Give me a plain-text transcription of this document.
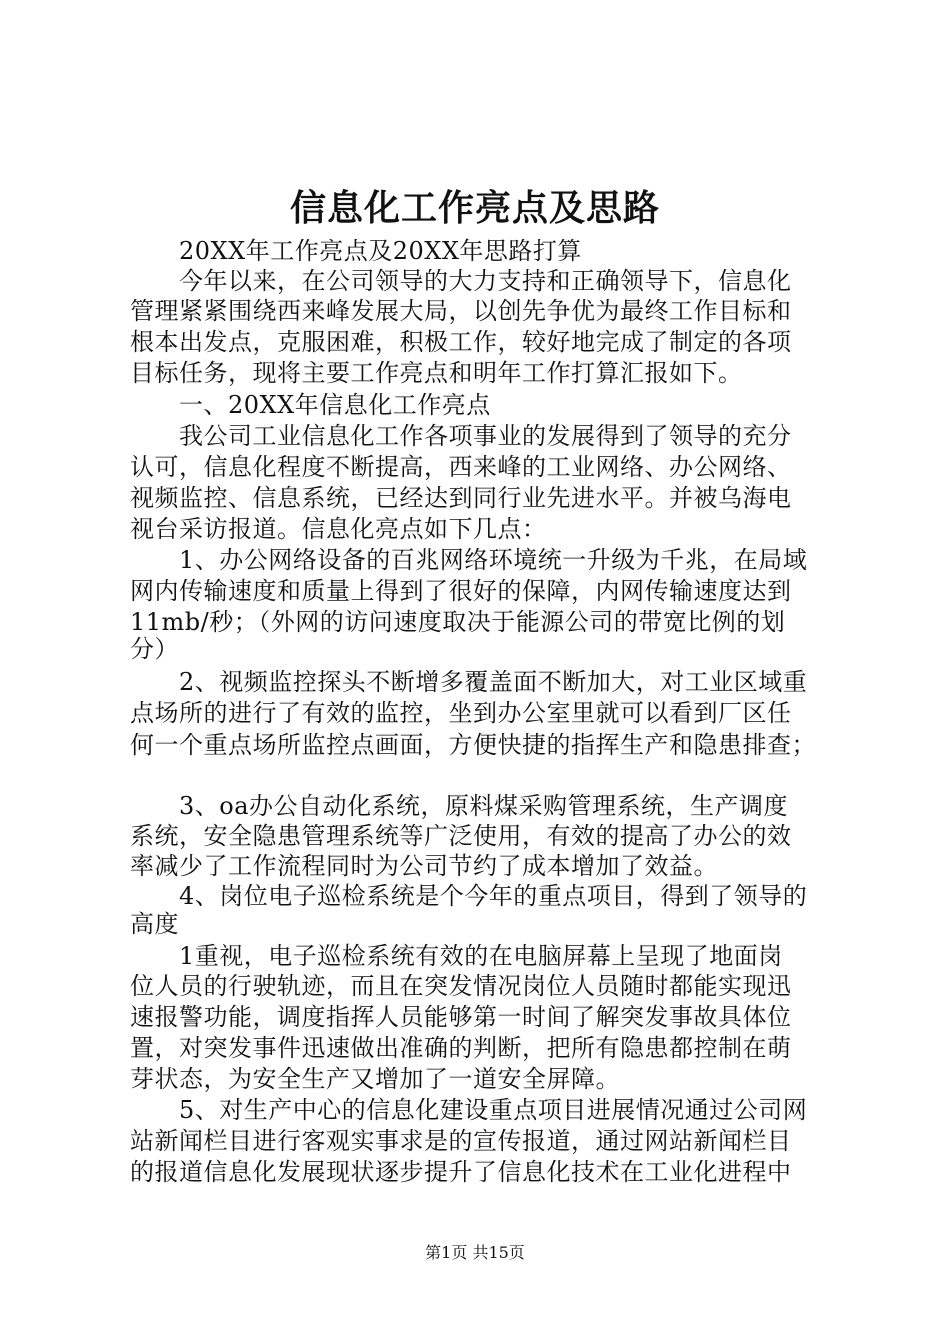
信息化工作亮点及思路
　　20XX年工作亮点及20XX年思路打算
　　今年以来，在公司领导的大力支持和正确领导下，信息化
管理紧紧围绕西来峰发展大局，以创先争优为最终工作目标和
根本出发点，克服困难，积极工作，较好地完成了制定的各项
目标任务，现将主要工作亮点和明年工作打算汇报如下。
　　一、20XX年信息化工作亮点
　　我公司工业信息化工作各项事业的发展得到了领导的充分
认可，信息化程度不断提高，西来峰的工业网络、办公网络、
视频监控、信息系统，已经达到同行业先进水平。并被乌海电
视台采访报道。信息化亮点如下几点：
　　1、办公网络设备的百兆网络环境统一升级为千兆，在局域
网内传输速度和质量上得到了很好的保障，内网传输速度达到
11mb/秒；（外网的访问速度取决于能源公司的带宽比例的划
分）
　　2、视频监控探头不断增多覆盖面不断加大，对工业区域重
点场所的进行了有效的监控，坐到办公室里就可以看到厂区任
何一个重点场所监控点画面，方便快捷的指挥生产和隐患排查；
　　3、oa办公自动化系统，原料煤采购管理系统，生产调度
系统，安全隐患管理系统等广泛使用，有效的提高了办公的效
率减少了工作流程同时为公司节约了成本增加了效益。
　　4、岗位电子巡检系统是个今年的重点项目，得到了领导的
高度
　　1重视，电子巡检系统有效的在电脑屏幕上呈现了地面岗
位人员的行驶轨迹，而且在突发情况岗位人员随时都能实现迅
速报警功能，调度指挥人员能够第一时间了解突发事故具体位
置，对突发事件迅速做出准确的判断，把所有隐患都控制在萌
芽状态，为安全生产又增加了一道安全屏障。
　　5、对生产中心的信息化建设重点项目进展情况通过公司网
站新闻栏目进行客观实事求是的宣传报道，通过网站新闻栏目
的报道信息化发展现状逐步提升了信息化技术在工业化进程中
第1页 共15页
